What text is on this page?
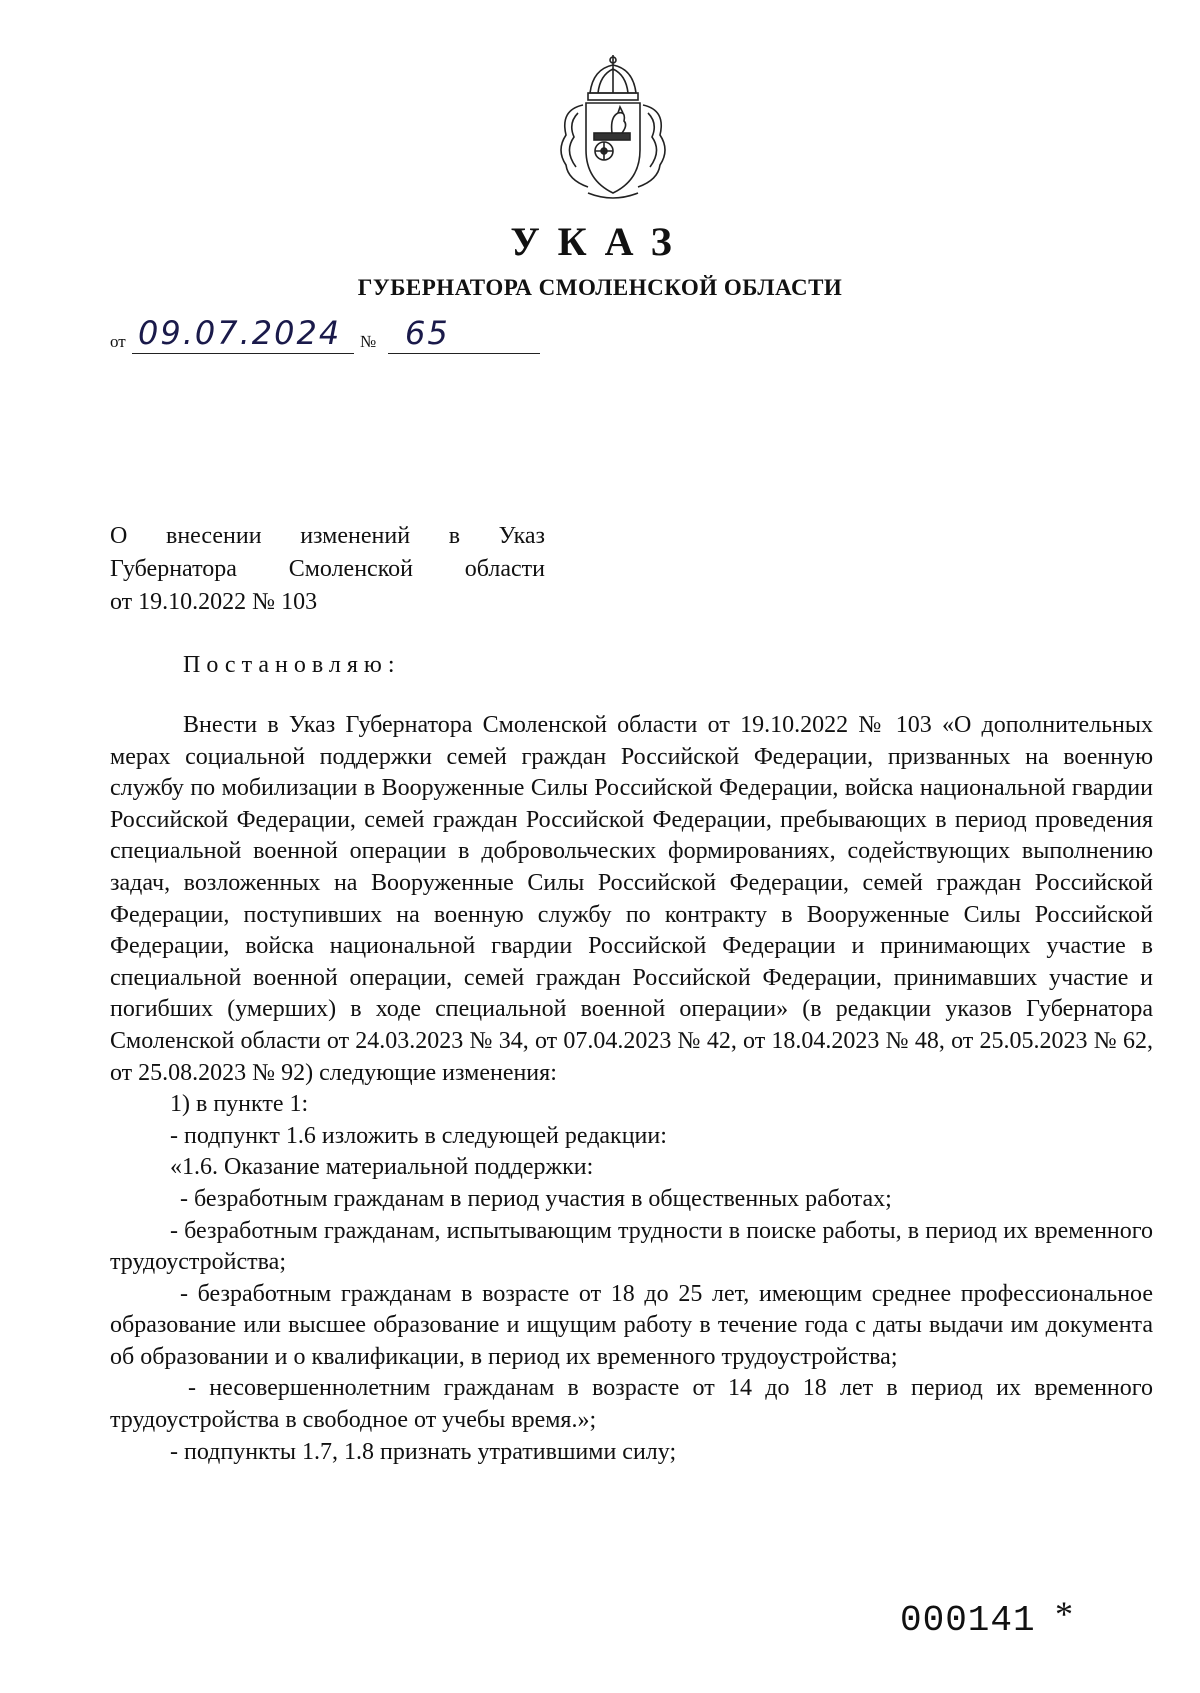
УКАЗ
ГУБЕРНАТОРА СМОЛЕНСКОЙ ОБЛАСТИ
от 09.07.2024 № 65
О внесении изменений в Указ
Губернатора Смоленской области
от 19.10.2022 № 103
Постановляю:

Внести в Указ Губернатора Смоленской области от 19.10.2022 № 103 «О дополнительных мерах социальной поддержки семей граждан Российской Федерации, призванных на военную службу по мобилизации в Вооруженные Силы Российской Федерации, войска национальной гвардии Российской Федерации, семей граждан Российской Федерации, пребывающих в период проведения специальной военной операции в добровольческих формированиях, содействующих выполнению задач, возложенных на Вооруженные Силы Российской Федерации, семей граждан Российской Федерации, поступивших на военную службу по контракту в Вооруженные Силы Российской Федерации, войска национальной гвардии Российской Федерации и принимающих участие в специальной военной операции, семей граждан Российской Федерации, принимавших участие и погибших (умерших) в ходе специальной военной операции» (в редакции указов Губернатора Смоленской области от 24.03.2023 № 34, от 07.04.2023 № 42, от 18.04.2023 № 48, от 25.05.2023 № 62, от 25.08.2023 № 92) следующие изменения:

1) в пункте 1:

- подпункт 1.6 изложить в следующей редакции:

«1.6. Оказание материальной поддержки:

- безработным гражданам в период участия в общественных работах;

- безработным гражданам, испытывающим трудности в поиске работы, в период их временного трудоустройства;

- безработным гражданам в возрасте от 18 до 25 лет, имеющим среднее профессиональное образование или высшее образование и ищущим работу в течение года с даты выдачи им документа об образовании и о квалификации, в период их временного трудоустройства;

- несовершеннолетним гражданам в возрасте от 14 до 18 лет в период их временного трудоустройства в свободное от учебы время.»;

- подпункты 1.7, 1.8 признать утратившими силу;

000141 *
